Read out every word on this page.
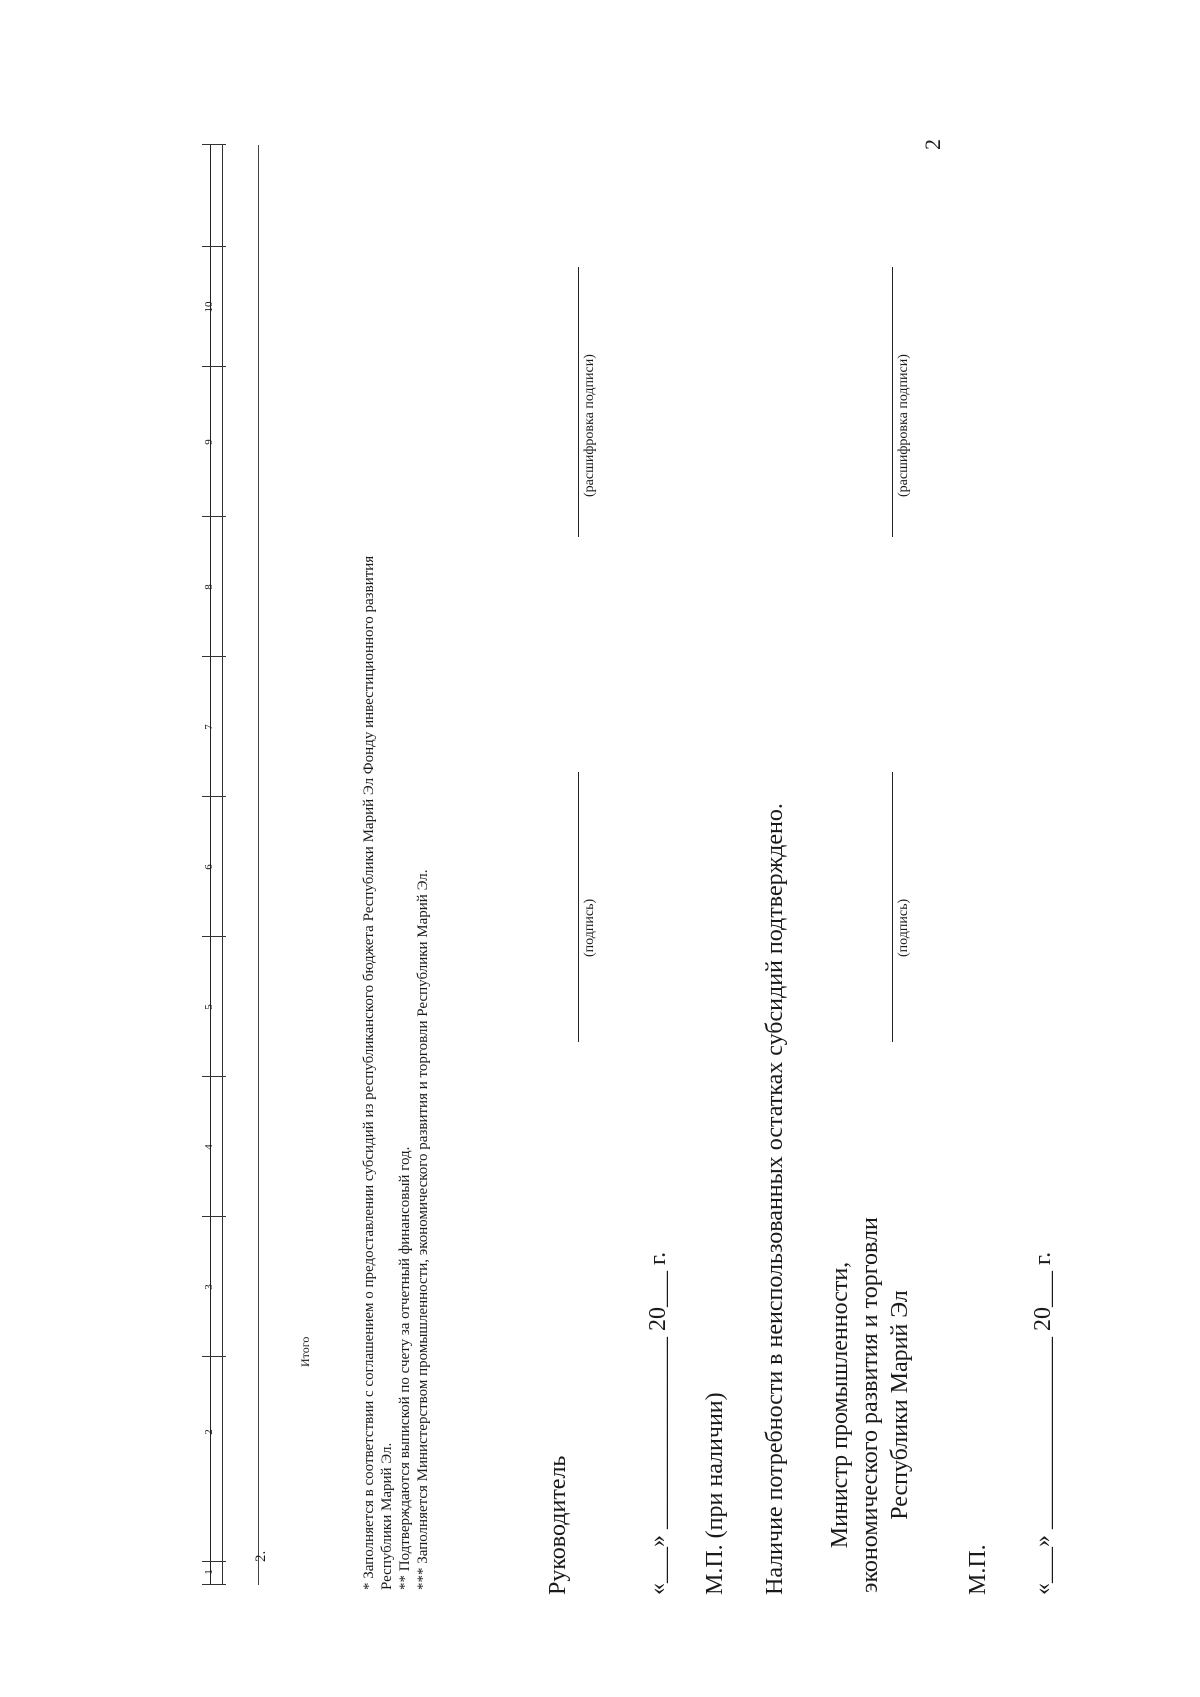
2
1
2
3
4
5
6
7
8
9
10
2.
Итого	* Заполняется в соответствии с соглашением о предоставлении субсидий из республиканского бюджета Республики Марий Эл Фонду инвестиционного развития Республики Марий Эл. ** Подтверждаются выпиской по счету за отчетный финансовый год. *** Заполняется Министерством промышленности, экономического развития и торговли Республики Марий Эл.	Руководитель
(подпись)
(расшифровка подписи)
«___» ________________ 20___ г. М.П. (при наличии) Наличие потребности в неиспользованных остатках субсидий подтверждено. Министр промышленности, экономического развития и торговли Республики Марий Эл
(подпись)
(расшифровка подписи)
М.П. «___» ________________ 20___ г.
